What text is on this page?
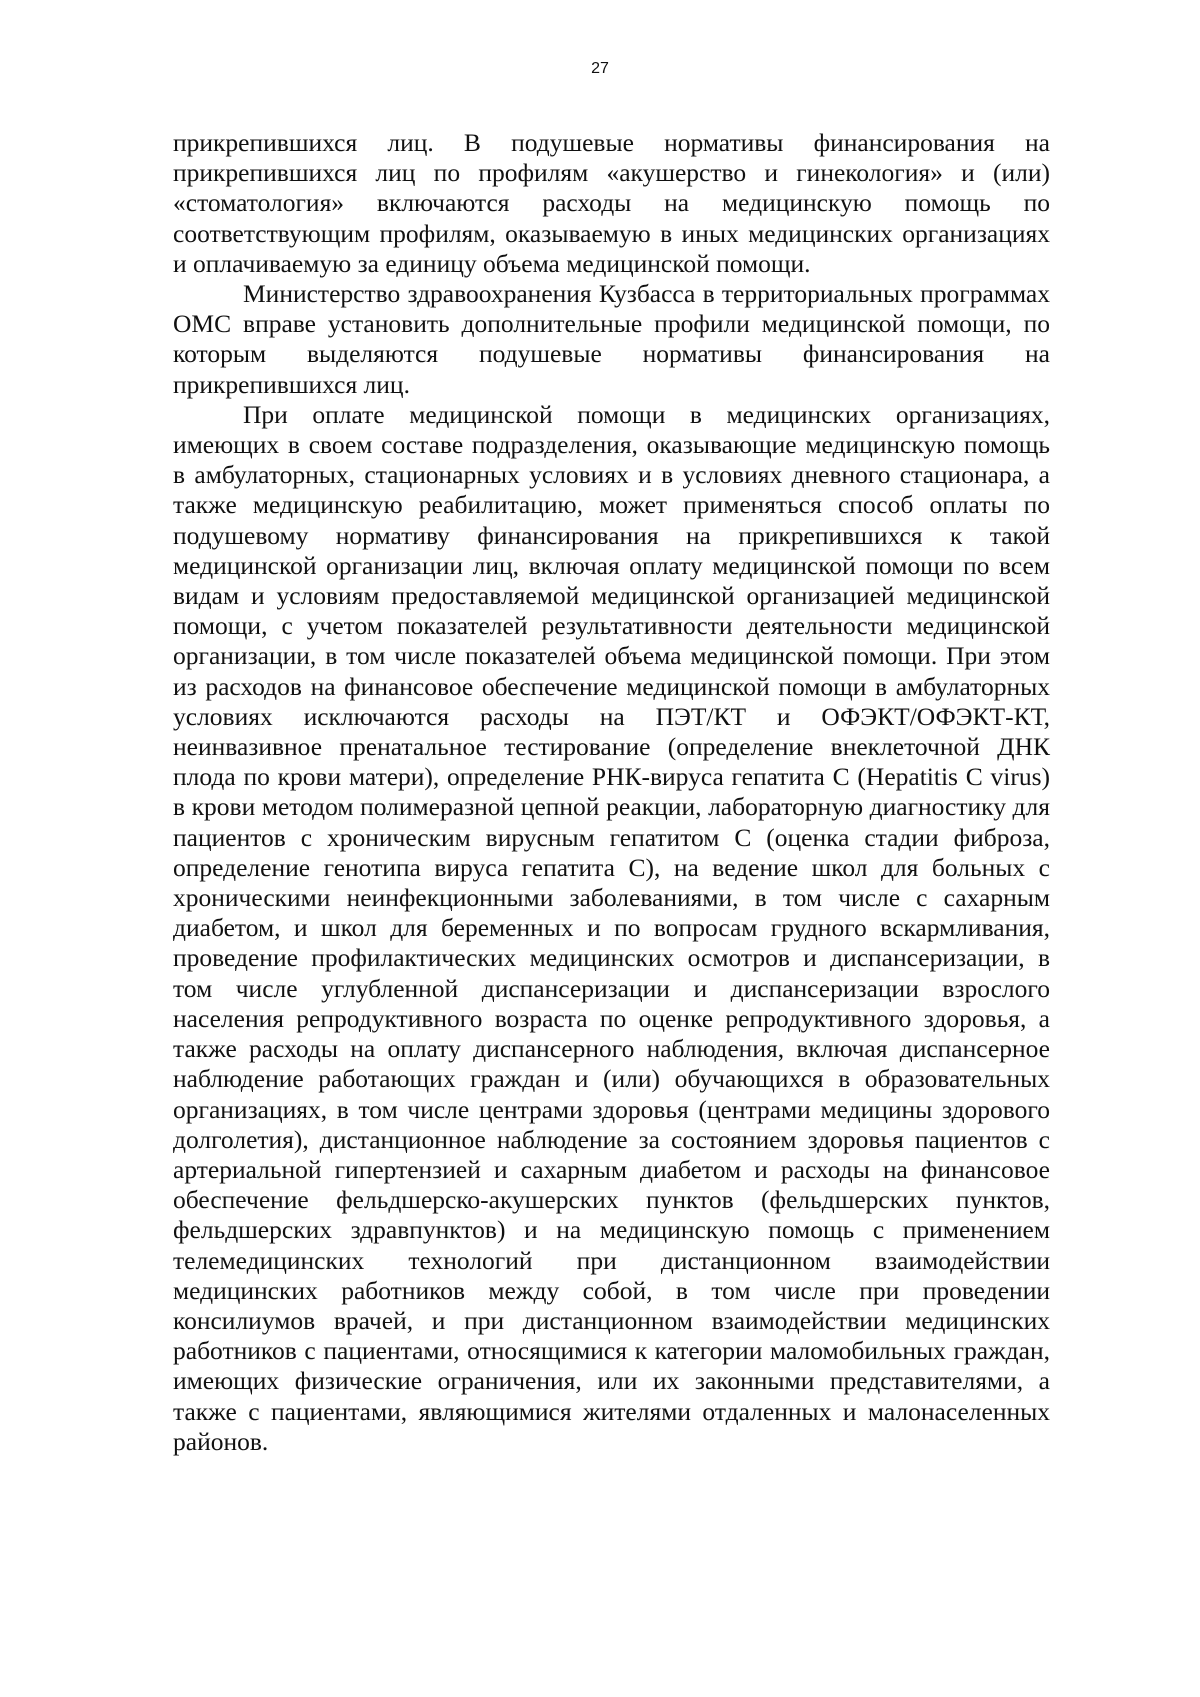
27

прикрепившихся лиц. В подушевые нормативы финансирования на прикрепившихся лиц по профилям «акушерство и гинекология» и (или) «стоматология» включаются расходы на медицинскую помощь по соответствующим профилям, оказываемую в иных медицинских организациях и оплачиваемую за единицу объема медицинской помощи.

Министерство здравоохранения Кузбасса в территориальных программах ОМС вправе установить дополнительные профили медицинской помощи, по которым выделяются подушевые нормативы финансирования на прикрепившихся лиц.

При оплате медицинской помощи в медицинских организациях, имеющих в своем составе подразделения, оказывающие медицинскую помощь в амбулаторных, стационарных условиях и в условиях дневного стационара, а также медицинскую реабилитацию, может применяться способ оплаты по подушевому нормативу финансирования на прикрепившихся к такой медицинской организации лиц, включая оплату медицинской помощи по всем видам и условиям предоставляемой медицинской организацией медицинской помощи, с учетом показателей результативности деятельности медицинской организации, в том числе показателей объема медицинской помощи. При этом из расходов на финансовое обеспечение медицинской помощи в амбулаторных условиях исключаются расходы на ПЭТ/КТ и ОФЭКТ/ОФЭКТ-КТ, неинвазивное пренатальное тестирование (определение внеклеточной ДНК плода по крови матери), определение РНК-вируса гепатита С (Hepatitis С virus) в крови методом полимеразной цепной реакции, лабораторную диагностику для пациентов с хроническим вирусным гепатитом С (оценка стадии фиброза, определение генотипа вируса гепатита С), на ведение школ для больных с хроническими неинфекционными заболеваниями, в том числе с сахарным диабетом, и школ для беременных и по вопросам грудного вскармливания, проведение профилактических медицинских осмотров и диспансеризации, в том числе углубленной диспансеризации и диспансеризации взрослого населения репродуктивного возраста по оценке репродуктивного здоровья, а также расходы на оплату диспансерного наблюдения, включая диспансерное наблюдение работающих граждан и (или) обучающихся в образовательных организациях, в том числе центрами здоровья (центрами медицины здорового долголетия), дистанционное наблюдение за состоянием здоровья пациентов с артериальной гипертензией и сахарным диабетом и расходы на финансовое обеспечение фельдшерско-акушерских пунктов (фельдшерских пунктов, фельдшерских здравпунктов) и на медицинскую помощь с применением телемедицинских технологий при дистанционном взаимодействии медицинских работников между собой, в том числе при проведении консилиумов врачей, и при дистанционном взаимодействии медицинских работников с пациентами, относящимися к категории маломобильных граждан, имеющих физические ограничения, или их законными представителями, а также с пациентами, являющимися жителями отдаленных и малонаселенных районов.
